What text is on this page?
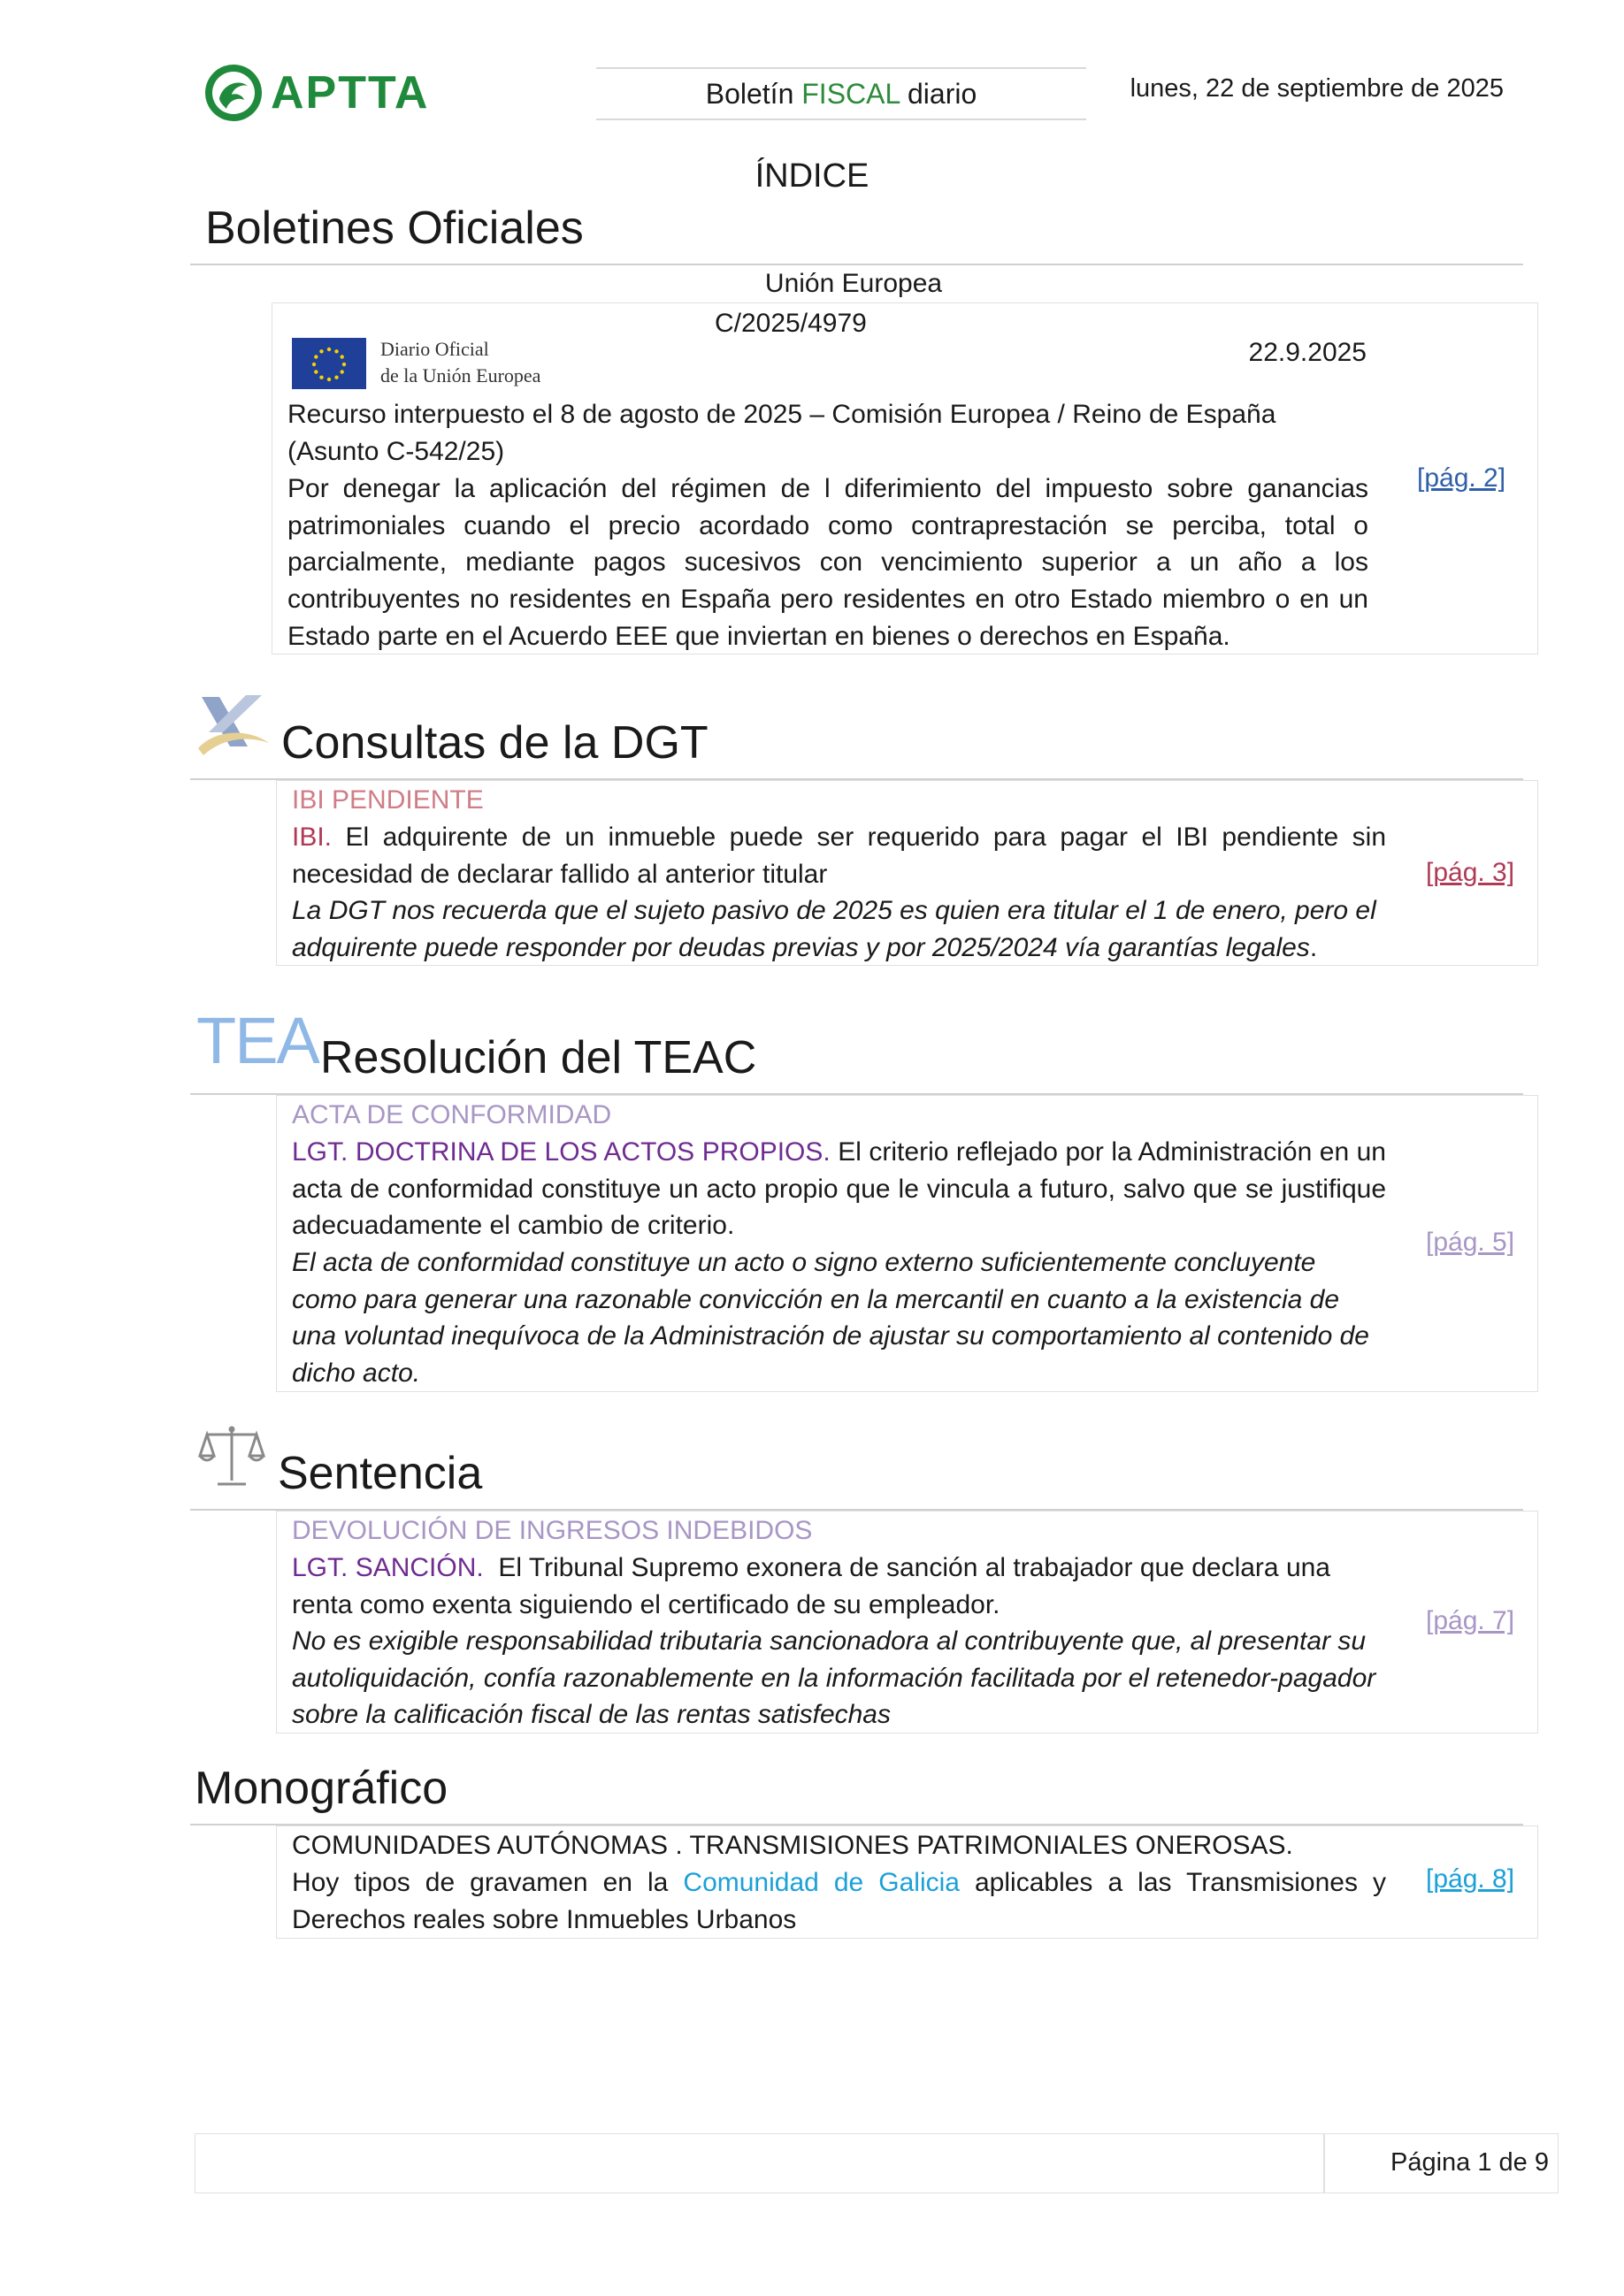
APTTA	Boletín FISCAL diario	lunes, 22 de septiembre de 2025
ÍNDICE
Boletines Oficiales
Unión Europea
C/2025/4979
Diario Oficial
de la Unión Europea
22.9.2025
Recurso interpuesto el 8 de agosto de 2025 – Comisión Europea / Reino de España
(Asunto C-542/25)
Por denegar la aplicación del régimen de l diferimiento del impuesto sobre ganancias patrimoniales cuando el precio acordado como contraprestación se perciba, total o parcialmente, mediante pagos sucesivos con vencimiento superior a un año a los contribuyentes no residentes en España pero residentes en otro Estado miembro o en un Estado parte en el Acuerdo EEE que inviertan en bienes o derechos en España.
[pág. 2]
Consultas de la DGT
IBI PENDIENTE
IBI. El adquirente de un inmueble puede ser requerido para pagar el IBI pendiente sin necesidad de declarar fallido al anterior titular
La DGT nos recuerda que el sujeto pasivo de 2025 es quien era titular el 1 de enero, pero el adquirente puede responder por deudas previas y por 2025/2024 vía garantías legales.
[pág. 3]
TEA Resolución del TEAC
ACTA DE CONFORMIDAD
LGT. DOCTRINA DE LOS ACTOS PROPIOS. El criterio reflejado por la Administración en un acta de conformidad constituye un acto propio que le vincula a futuro, salvo que se justifique adecuadamente el cambio de criterio.
El acta de conformidad constituye un acto o signo externo suficientemente concluyente como para generar una razonable convicción en la mercantil en cuanto a la existencia de una voluntad inequívoca de la Administración de ajustar su comportamiento al contenido de dicho acto.
[pág. 5]
Sentencia
DEVOLUCIÓN DE INGRESOS INDEBIDOS
LGT. SANCIÓN.  El Tribunal Supremo exonera de sanción al trabajador que declara una renta como exenta siguiendo el certificado de su empleador.
No es exigible responsabilidad tributaria sancionadora al contribuyente que, al presentar su autoliquidación, confía razonablemente en la información facilitada por el retenedor-pagador sobre la calificación fiscal de las rentas satisfechas
[pág. 7]
Monográfico
COMUNIDADES AUTÓNOMAS . TRANSMISIONES PATRIMONIALES ONEROSAS.
Hoy tipos de gravamen en la Comunidad de Galicia aplicables a las Transmisiones y Derechos reales sobre Inmuebles Urbanos
[pág. 8]
Página 1 de 9
